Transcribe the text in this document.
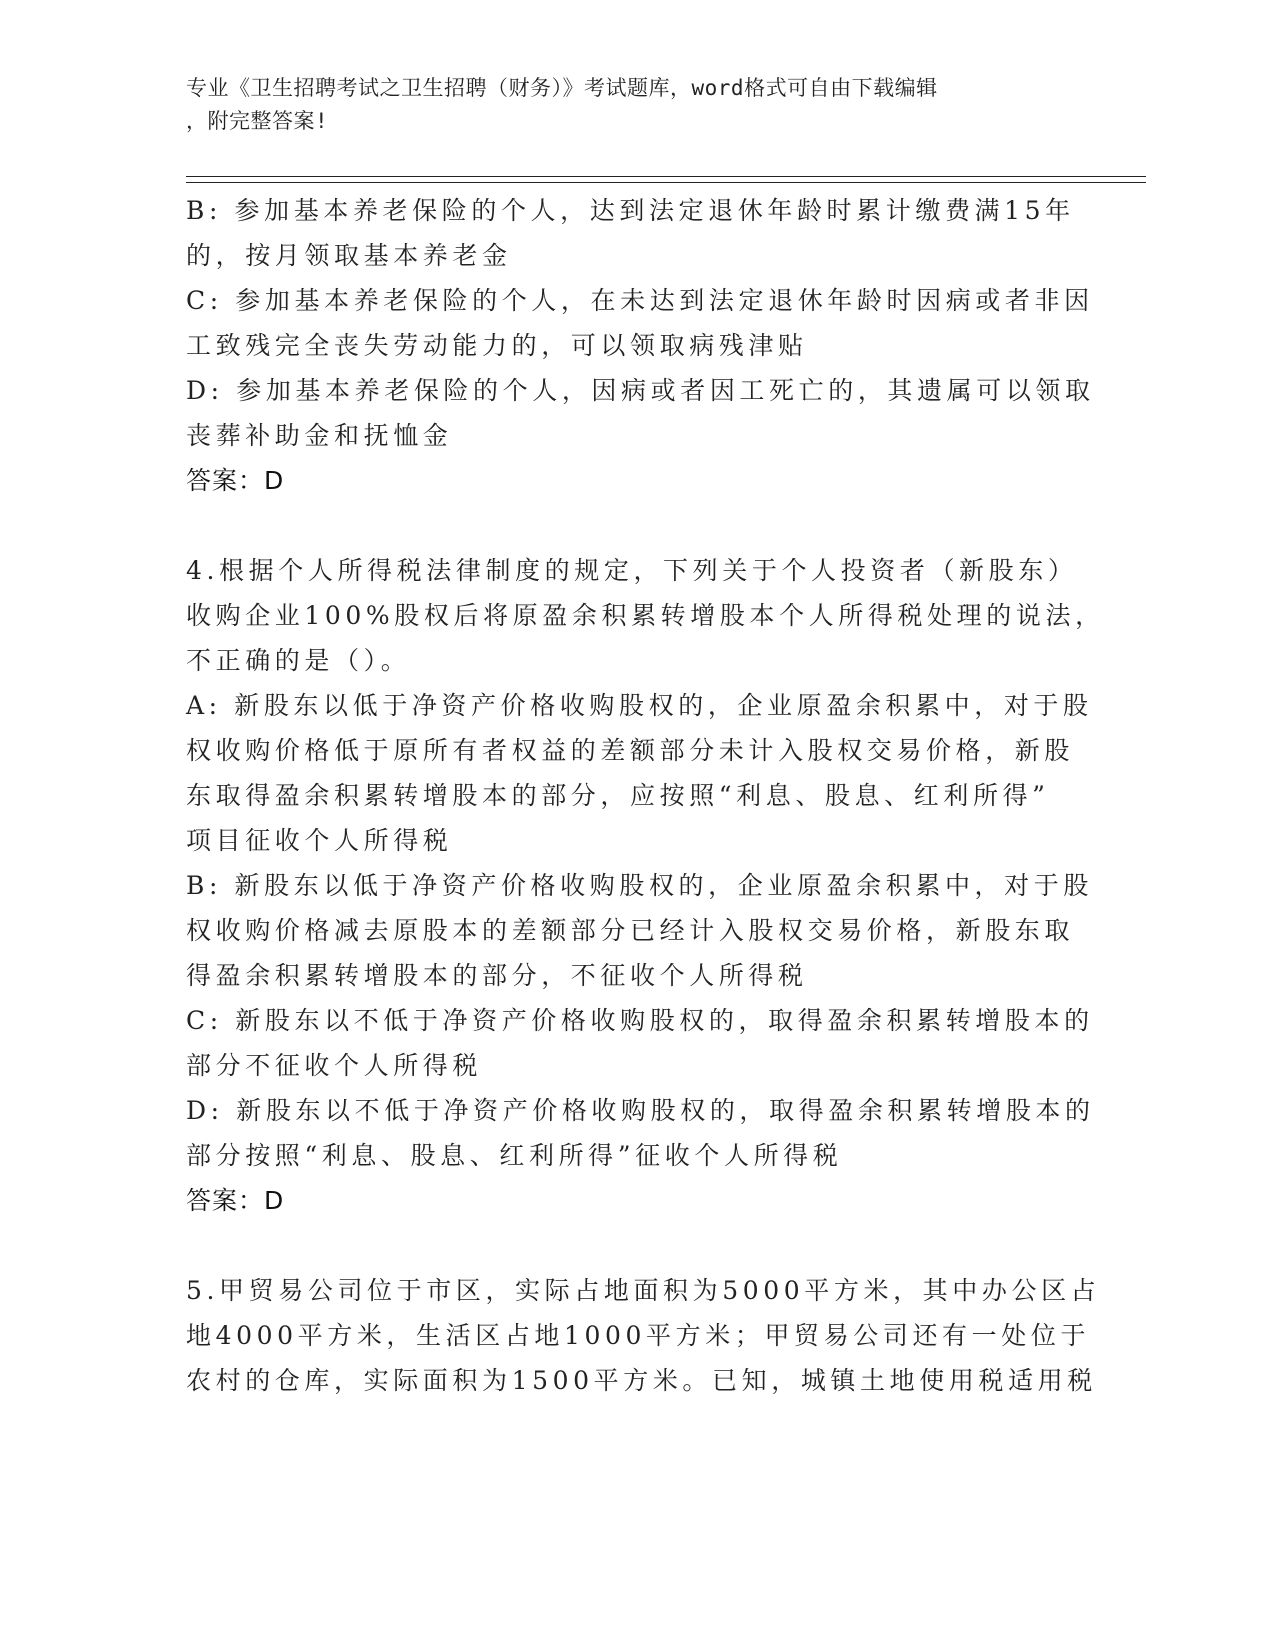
专业《卫生招聘考试之卫生招聘（财务）》考试题库，word格式可自由下载编辑
，附完整答案!
B: 参加基本养老保险的个人，达到法定退休年龄时累计缴费满15年
的，按月领取基本养老金
C: 参加基本养老保险的个人，在未达到法定退休年龄时因病或者非因
工致残完全丧失劳动能力的，可以领取病残津贴
D: 参加基本养老保险的个人，因病或者因工死亡的，其遗属可以领取
丧葬补助金和抚恤金
答案：D
4.根据个人所得税法律制度的规定，下列关于个人投资者（新股东）
收购企业100%股权后将原盈余积累转增股本个人所得税处理的说法，
不正确的是（）。
A: 新股东以低于净资产价格收购股权的，企业原盈余积累中，对于股
权收购价格低于原所有者权益的差额部分未计入股权交易价格，新股
东取得盈余积累转增股本的部分，应按照“利息、股息、红利所得”
项目征收个人所得税
B: 新股东以低于净资产价格收购股权的，企业原盈余积累中，对于股
权收购价格减去原股本的差额部分已经计入股权交易价格，新股东取
得盈余积累转增股本的部分，不征收个人所得税
C: 新股东以不低于净资产价格收购股权的，取得盈余积累转增股本的
部分不征收个人所得税
D: 新股东以不低于净资产价格收购股权的，取得盈余积累转增股本的
部分按照“利息、股息、红利所得”征收个人所得税
答案：D
5.甲贸易公司位于市区，实际占地面积为5000平方米，其中办公区占
地4000平方米，生活区占地1000平方米；甲贸易公司还有一处位于
农村的仓库，实际面积为1500平方米。已知，城镇土地使用税适用税
